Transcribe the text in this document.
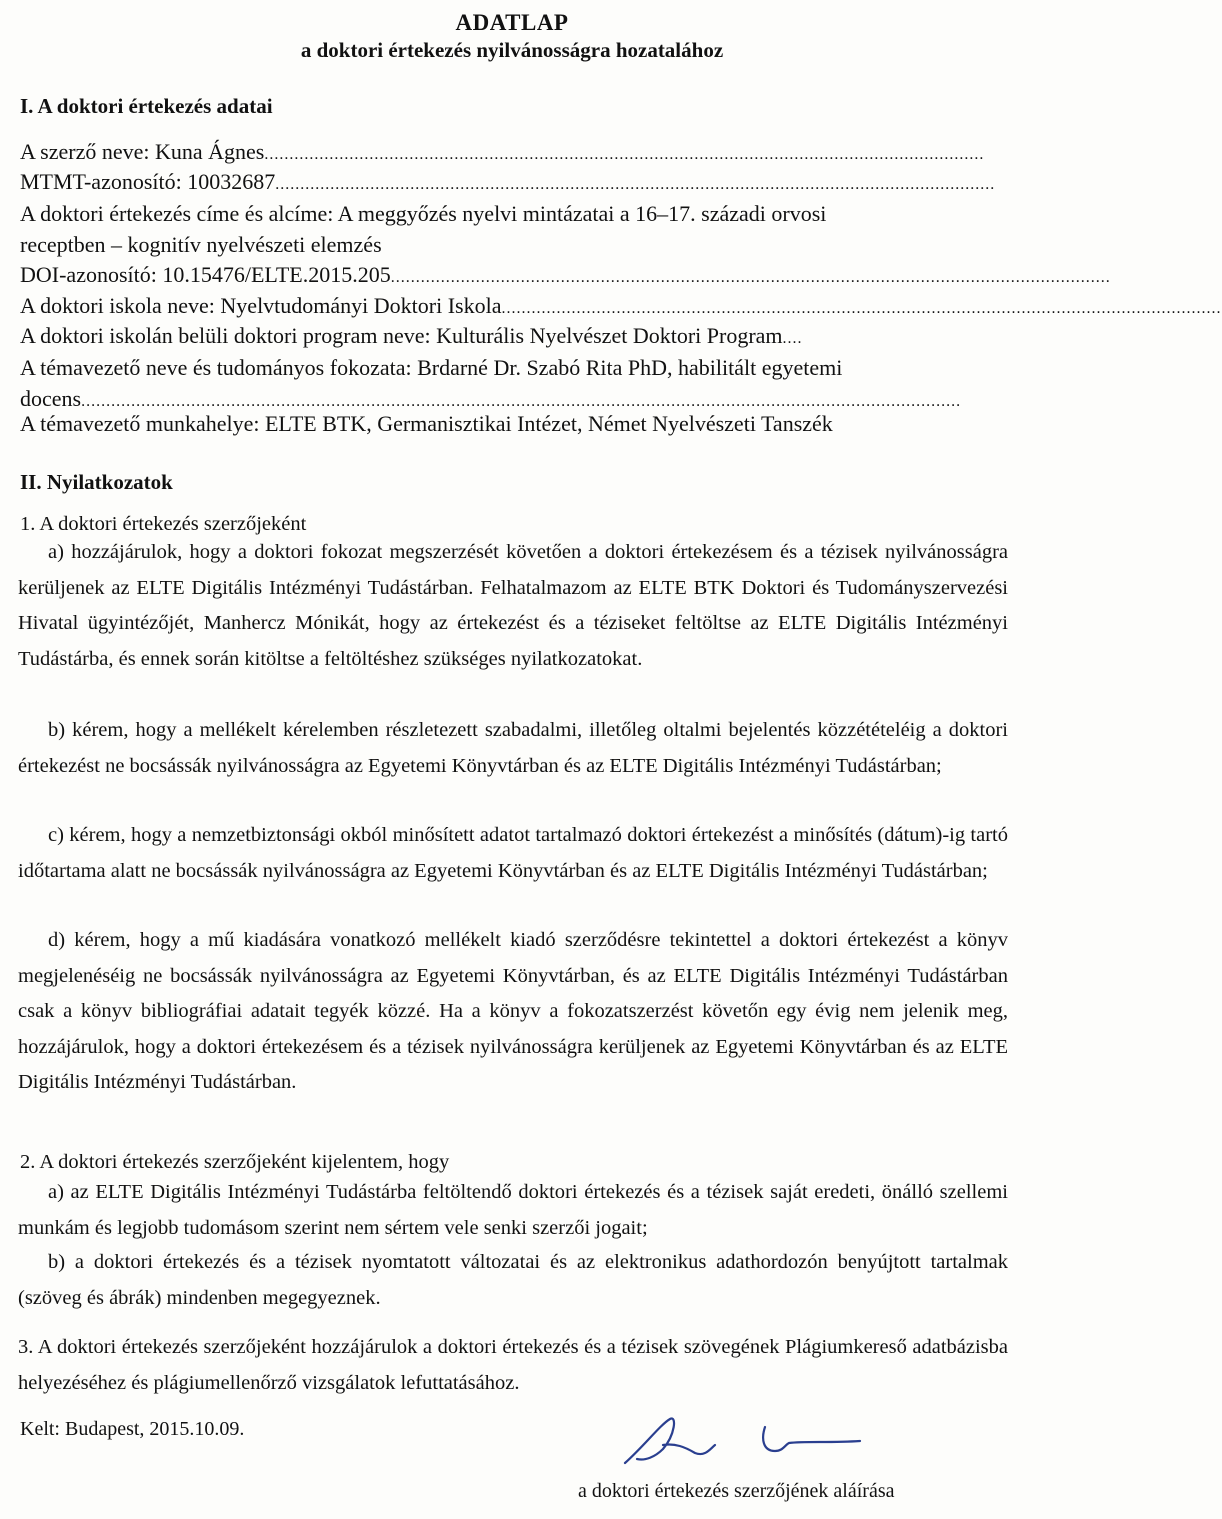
ADATLAP
a doktori értekezés nyilvánosságra hozatalához
I. A doktori értekezés adatai
A szerző neve: Kuna Ágnes ................................................................................................................................................
MTMT-azonosító: 10032687 ................................................................................................................................................
A doktori értekezés címe és alcíme: A meggyőzés nyelvi mintázatai a 16–17. századi orvosi
receptben – kognitív nyelvészeti elemzés
DOI-azonosító: 10.15476/ELTE.2015.205 ................................................................................................................................................
A doktori iskola neve: Nyelvtudományi Doktori Iskola ................................................................................................................................................
A doktori iskolán belüli doktori program neve: Kulturális Nyelvészet Doktori Program ....
A témavezető neve és tudományos fokozata: Brdarné Dr. Szabó Rita PhD, habilitált egyetemi
docens ................................................................................................................................................................................
A témavezető munkahelye: ELTE BTK, Germanisztikai Intézet, Német Nyelvészeti Tanszék
II. Nyilatkozatok
1. A doktori értekezés szerzőjeként
a) hozzájárulok, hogy a doktori fokozat megszerzését követően a doktori értekezésem és a tézisek nyilvánosságra kerüljenek az ELTE Digitális Intézményi Tudástárban. Felhatalmazom az ELTE BTK Doktori és Tudományszervezési Hivatal ügyintézőjét, Manhercz Mónikát, hogy az értekezést és a téziseket feltöltse az ELTE Digitális Intézményi Tudástárba, és ennek során kitöltse a feltöltéshez szükséges nyilatkozatokat.
b) kérem, hogy a mellékelt kérelemben részletezett szabadalmi, illetőleg oltalmi bejelentés közzétételéig a doktori értekezést ne bocsássák nyilvánosságra az Egyetemi Könyvtárban és az ELTE Digitális Intézményi Tudástárban;
c) kérem, hogy a nemzetbiztonsági okból minősített adatot tartalmazó doktori értekezést a minősítés (dátum)-ig tartó időtartama alatt ne bocsássák nyilvánosságra az Egyetemi Könyvtárban és az ELTE Digitális Intézményi Tudástárban;
d) kérem, hogy a mű kiadására vonatkozó mellékelt kiadó szerződésre tekintettel a doktori értekezést a könyv megjelenéséig ne bocsássák nyilvánosságra az Egyetemi Könyvtárban, és az ELTE Digitális Intézményi Tudástárban csak a könyv bibliográfiai adatait tegyék közzé. Ha a könyv a fokozatszerzést követőn egy évig nem jelenik meg, hozzájárulok, hogy a doktori értekezésem és a tézisek nyilvánosságra kerüljenek az Egyetemi Könyvtárban és az ELTE Digitális Intézményi Tudástárban.
2. A doktori értekezés szerzőjeként kijelentem, hogy
a) az ELTE Digitális Intézményi Tudástárba feltöltendő doktori értekezés és a tézisek saját eredeti, önálló szellemi munkám és legjobb tudomásom szerint nem sértem vele senki szerzői jogait;
b) a doktori értekezés és a tézisek nyomtatott változatai és az elektronikus adathordozón benyújtott tartalmak (szöveg és ábrák) mindenben megegyeznek.
3. A doktori értekezés szerzőjeként hozzájárulok a doktori értekezés és a tézisek szövegének Plágiumkereső adatbázisba helyezéséhez és plágiumellenőrző vizsgálatok lefuttatásához.
Kelt: Budapest, 2015.10.09.
a doktori értekezés szerzőjének aláírása
